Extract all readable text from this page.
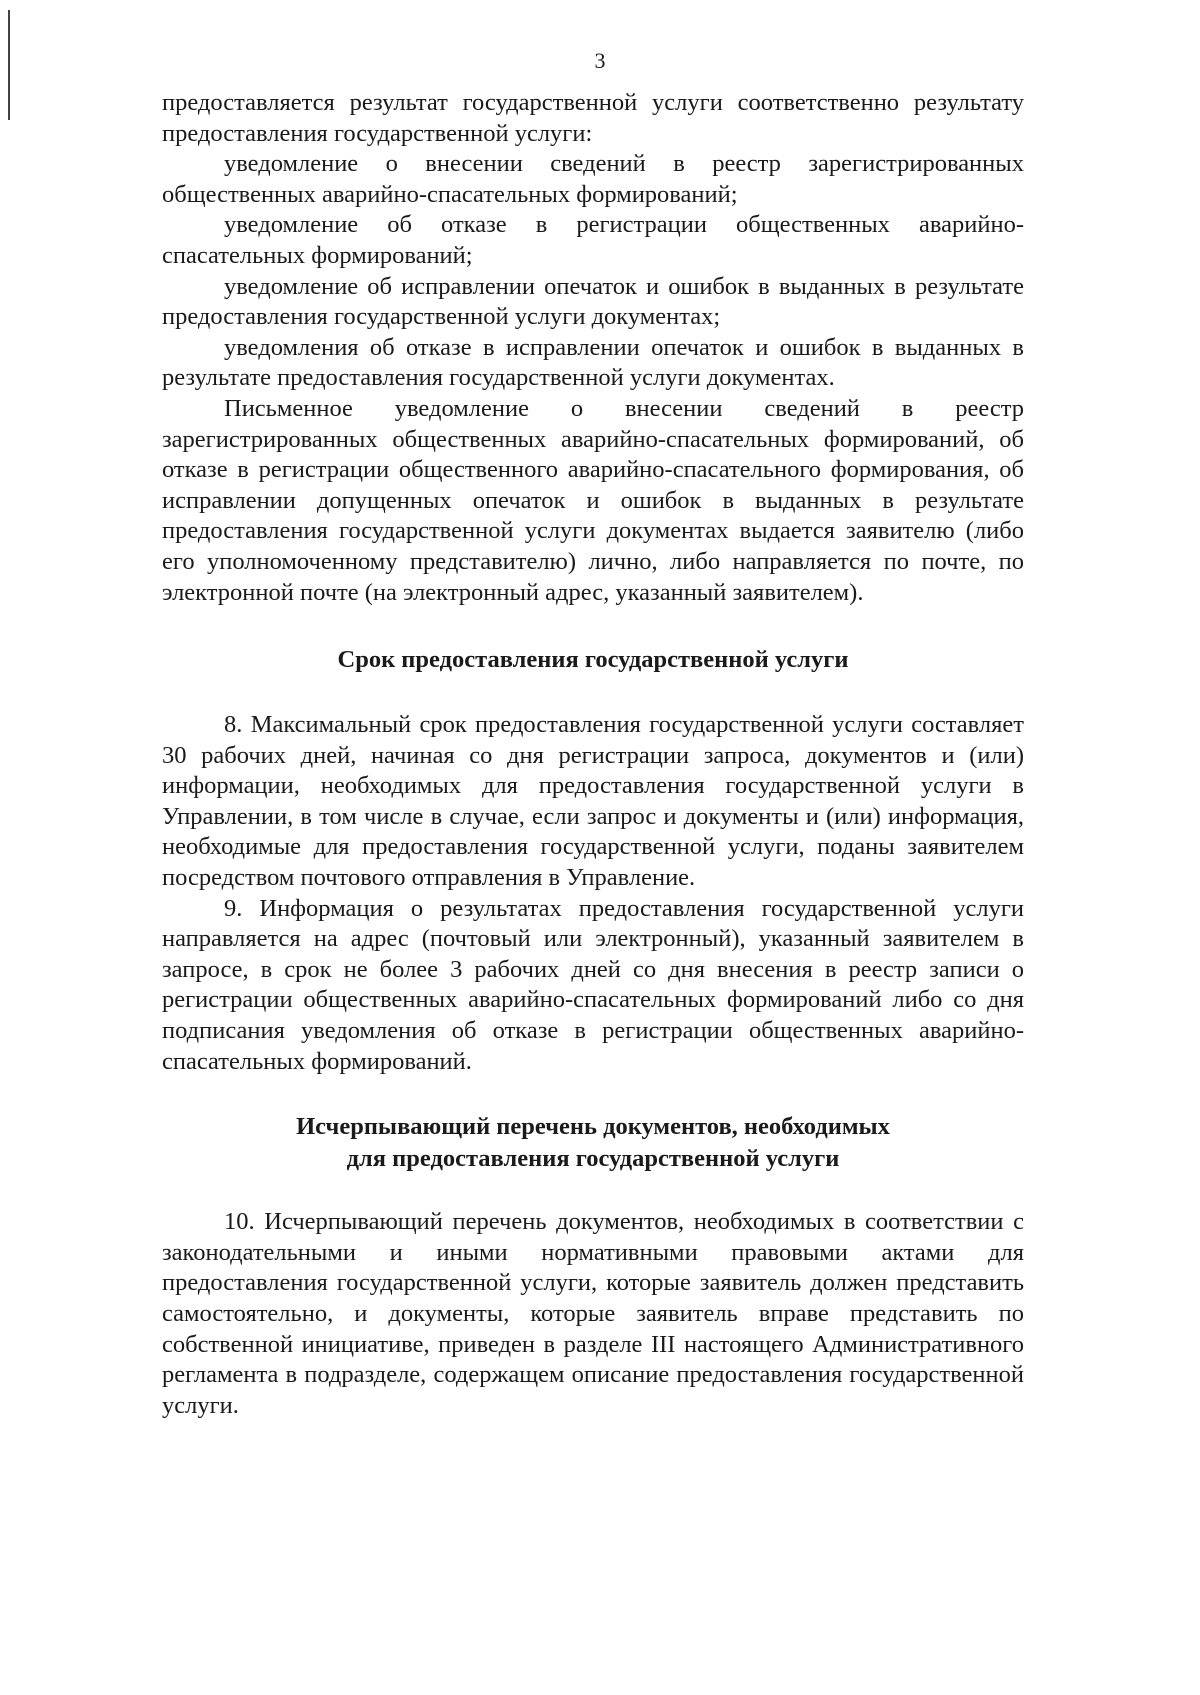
3

предоставляется результат государственной услуги соответственно результату предоставления государственной услуги:

уведомление о внесении сведений в реестр зарегистрированных общественных аварийно-спасательных формирований;

уведомление об отказе в регистрации общественных аварийно-спасательных формирований;

уведомление об исправлении опечаток и ошибок в выданных в результате предоставления государственной услуги документах;

уведомления об отказе в исправлении опечаток и ошибок в выданных в результате предоставления государственной услуги документах.

Письменное уведомление о внесении сведений в реестр зарегистрированных общественных аварийно-спасательных формирований, об отказе в регистрации общественного аварийно-спасательного формирования, об исправлении допущенных опечаток и ошибок в выданных в результате предоставления государственной услуги документах выдается заявителю (либо его уполномоченному представителю) лично, либо направляется по почте, по электронной почте (на электронный адрес, указанный заявителем).

Срок предоставления государственной услуги

8. Максимальный срок предоставления государственной услуги составляет 30 рабочих дней, начиная со дня регистрации запроса, документов и (или) информации, необходимых для предоставления государственной услуги в Управлении, в том числе в случае, если запрос и документы и (или) информация, необходимые для предоставления государственной услуги, поданы заявителем посредством почтового отправления в Управление.

9. Информация о результатах предоставления государственной услуги направляется на адрес (почтовый или электронный), указанный заявителем в запросе, в срок не более 3 рабочих дней со дня внесения в реестр записи о регистрации общественных аварийно-спасательных формирований либо со дня подписания уведомления об отказе в регистрации общественных аварийно-спасательных формирований.

Исчерпывающий перечень документов, необходимых
для предоставления государственной услуги

10. Исчерпывающий перечень документов, необходимых в соответствии с законодательными и иными нормативными правовыми актами для предоставления государственной услуги, которые заявитель должен представить самостоятельно, и документы, которые заявитель вправе представить по собственной инициативе, приведен в разделе III настоящего Административного регламента в подразделе, содержащем описание предоставления государственной услуги.
